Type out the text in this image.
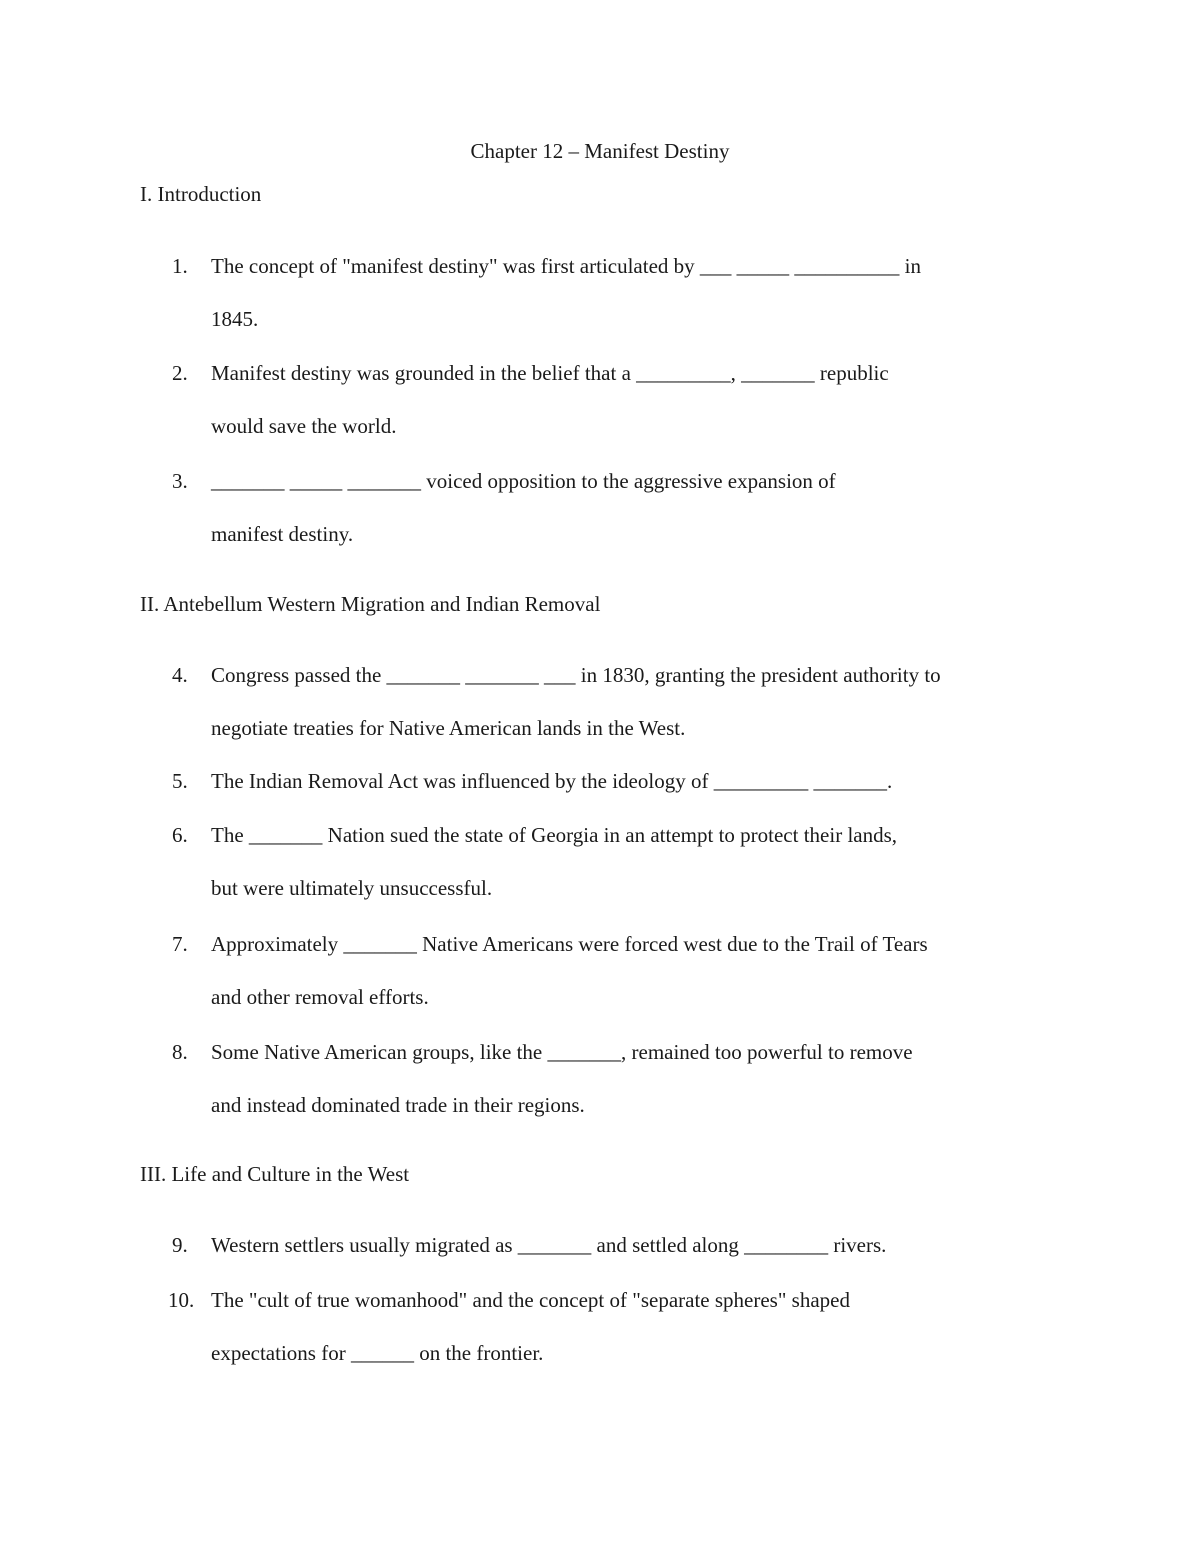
Chapter 12 – Manifest Destiny
I. Introduction
1.	The concept of "manifest destiny" was first articulated by ___ _____ __________ in
1845.
2.	Manifest destiny was grounded in the belief that a _________, _______ republic
would save the world.
3.	_______ _____ _______ voiced opposition to the aggressive expansion of
manifest destiny.
II. Antebellum Western Migration and Indian Removal
4.	Congress passed the _______ _______ ___ in 1830, granting the president authority to
negotiate treaties for Native American lands in the West.
5.	The Indian Removal Act was influenced by the ideology of _________ _______.
6.	The _______ Nation sued the state of Georgia in an attempt to protect their lands,
but were ultimately unsuccessful.
7.	Approximately _______ Native Americans were forced west due to the Trail of Tears
and other removal efforts.
8.	Some Native American groups, like the _______, remained too powerful to remove
and instead dominated trade in their regions.
III. Life and Culture in the West
9.	Western settlers usually migrated as _______ and settled along ________ rivers.
10. The "cult of true womanhood" and the concept of "separate spheres" shaped
expectations for ______ on the frontier.
